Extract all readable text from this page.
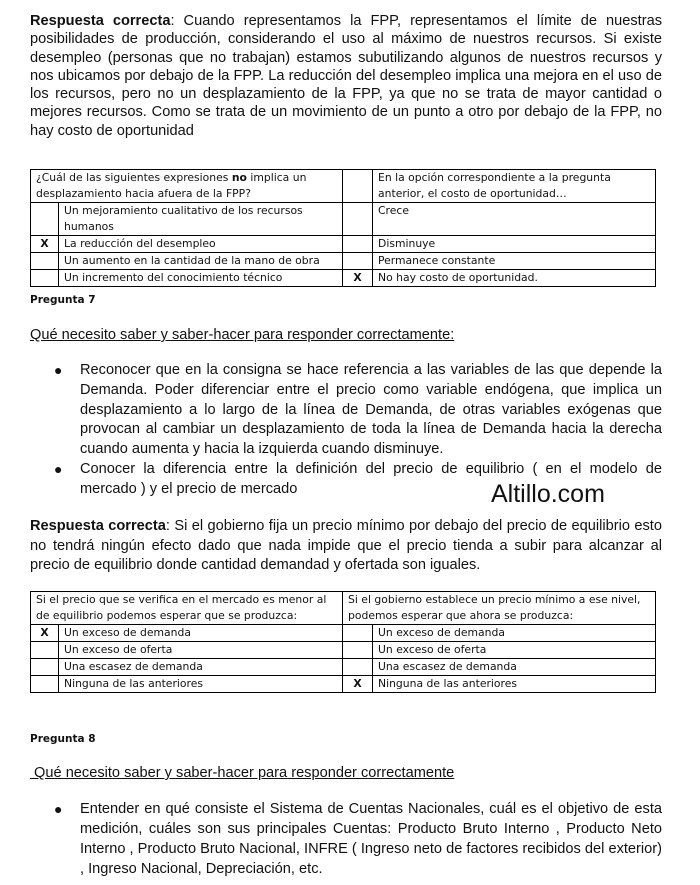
Respuesta correcta: Cuando representamos la FPP, representamos el límite de nuestras posibilidades de producción, considerando el uso al máximo de nuestros recursos. Si existe desempleo (personas que no trabajan) estamos subutilizando algunos de nuestros recursos y nos ubicamos por debajo de la FPP. La reducción del desempleo implica una mejora en el uso de los recursos, pero no un desplazamiento de la FPP, ya que no se trata de mayor cantidad o mejores recursos. Como se trata de un movimiento de un punto a otro por debajo de la FPP, no hay costo de oportunidad

¿Cuál de las siguientes expresiones no implica un desplazamiento hacia afuera de la FPP?			En la opción correspondiente a la pregunta anterior, el costo de oportunidad…
	Un mejoramiento cualitativo de los recursos humanos		Crece
X	La reducción del desempleo		Disminuye
	Un aumento en la cantidad de la mano de obra		Permanece constante
	Un incremento del conocimiento técnico	X	No hay costo de oportunidad.
Pregunta 7
Qué necesito saber y saber-hacer para responder correctamente:
● Reconocer que en la consigna se hace referencia a las variables de las que depende la Demanda. Poder diferenciar entre el precio como variable endógena, que implica un desplazamiento a lo largo de la línea de Demanda, de otras variables exógenas que provocan al cambiar un desplazamiento de toda la línea de Demanda hacia la derecha cuando aumenta y hacia la izquierda cuando disminuye.
● Conocer la diferencia entre la definición del precio de equilibrio ( en el modelo de mercado ) y el precio de mercado	Altillo.com

Respuesta correcta: Si el gobierno fija un precio mínimo por debajo del precio de equilibrio esto no tendrá ningún efecto dado que nada impide que el precio tienda a subir para alcanzar al precio de equilibrio donde cantidad demandad y ofertada son iguales.

Si el precio que se verifica en el mercado es menor al de equilibrio podemos esperar que se produzca:		Si el gobierno establece un precio mínimo a ese nivel, podemos esperar que ahora se produzca:	
X	Un exceso de demanda		Un exceso de demanda
	Un exceso de oferta		Un exceso de oferta
	Una escasez de demanda		Una escasez de demanda
	Ninguna de las anteriores	X	Ninguna de las anteriores
Pregunta 8
Qué necesito saber y saber-hacer para responder correctamente
● Entender en qué consiste el Sistema de Cuentas Nacionales, cuál es el objetivo de esta medición, cuáles son sus principales Cuentas: Producto Bruto Interno , Producto Neto Interno , Producto Bruto Nacional, INFRE ( Ingreso neto de factores recibidos del exterior) , Ingreso Nacional, Depreciación, etc.
